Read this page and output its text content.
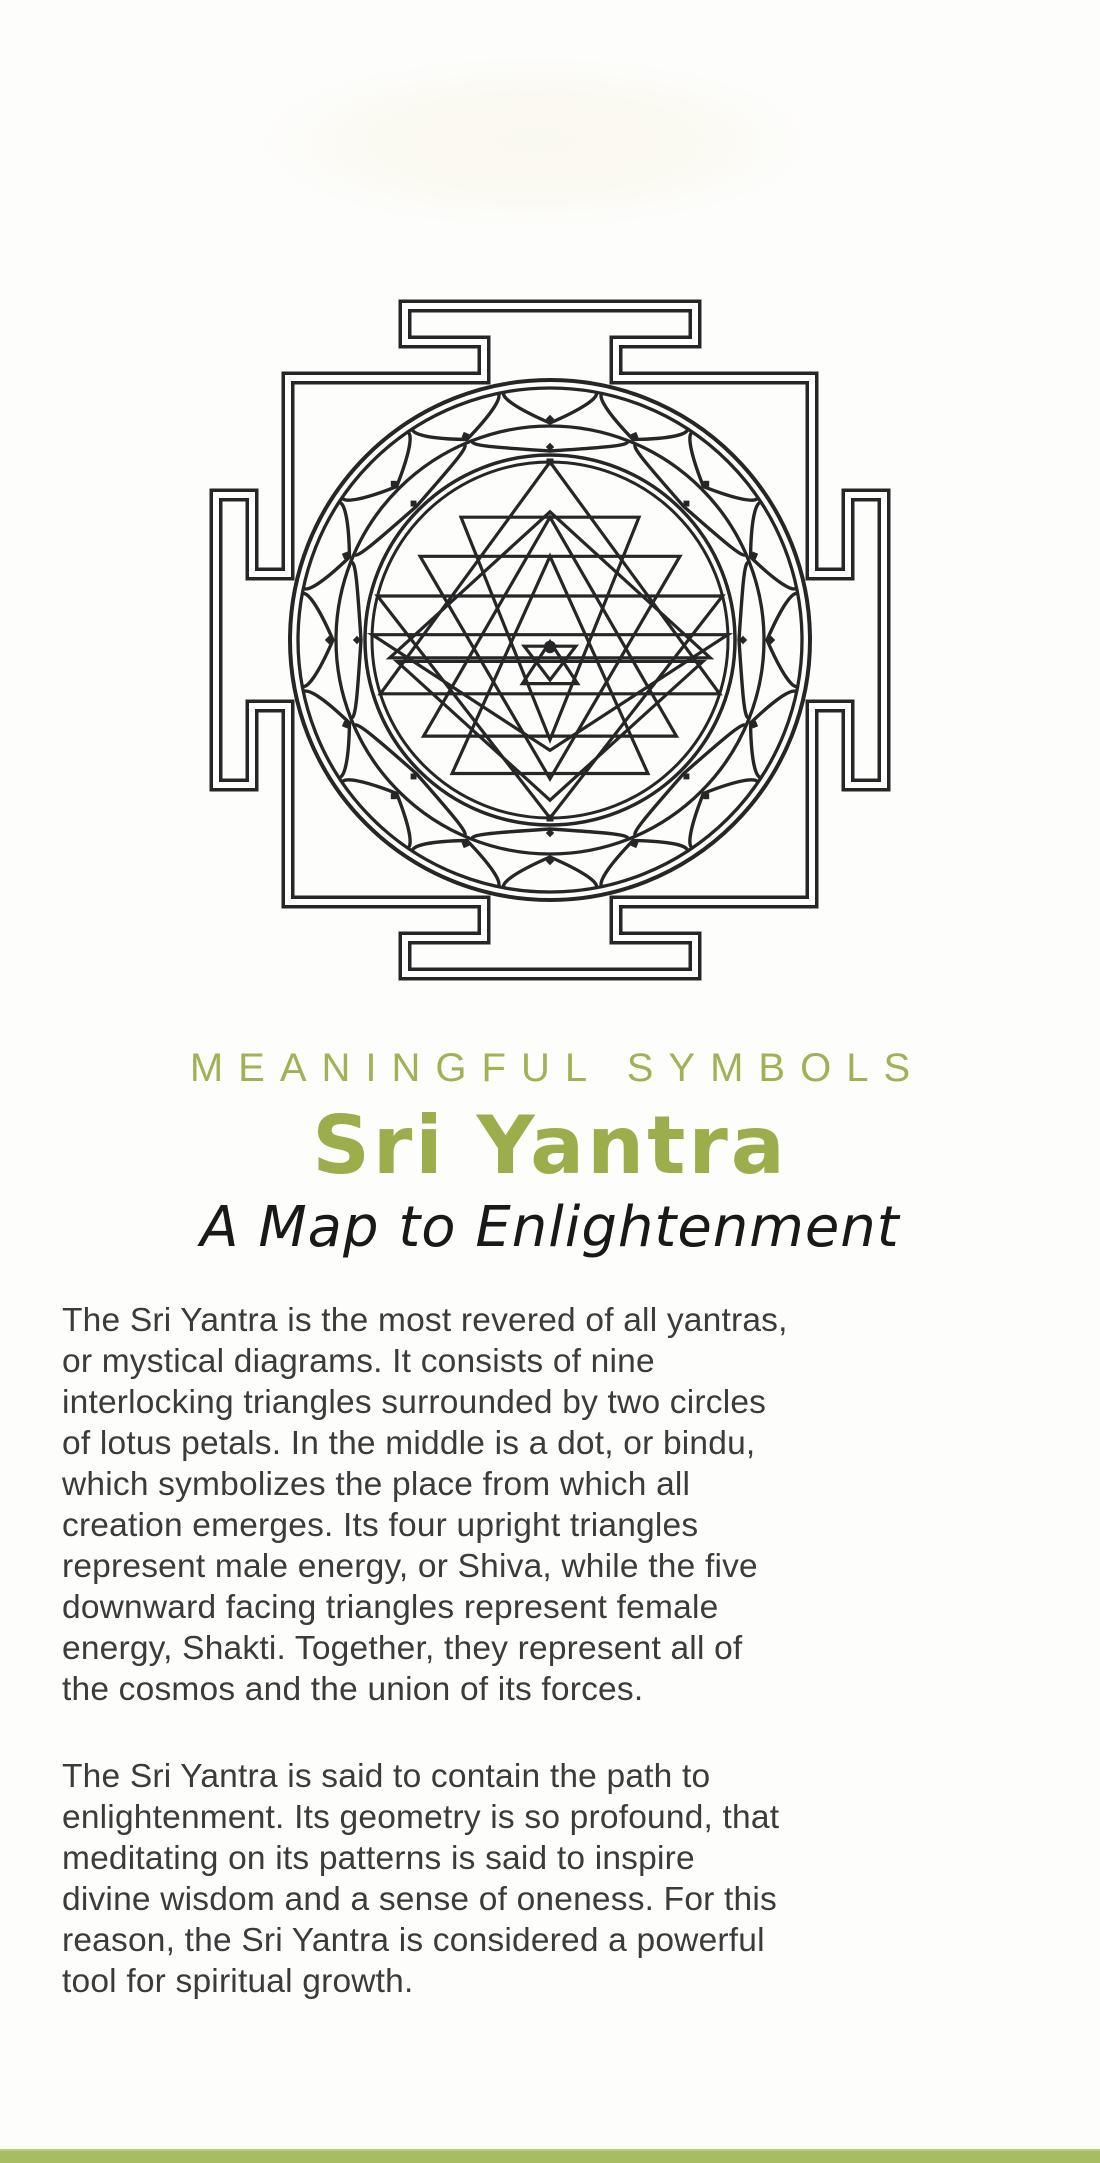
MEANINGFUL SYMBOLS
Sri Yantra
A Map to Enlightenment
The Sri Yantra is the most revered of all yantras,
or mystical diagrams. It consists of nine
interlocking triangles surrounded by two circles
of lotus petals. In the middle is a dot, or bindu,
which symbolizes the place from which all
creation emerges. Its four upright triangles
represent male energy, or Shiva, while the five
downward facing triangles represent female
energy, Shakti. Together, they represent all of
the cosmos and the union of its forces.
The Sri Yantra is said to contain the path to
enlightenment. Its geometry is so profound, that
meditating on its patterns is said to inspire
divine wisdom and a sense of oneness. For this
reason, the Sri Yantra is considered a powerful
tool for spiritual growth.
